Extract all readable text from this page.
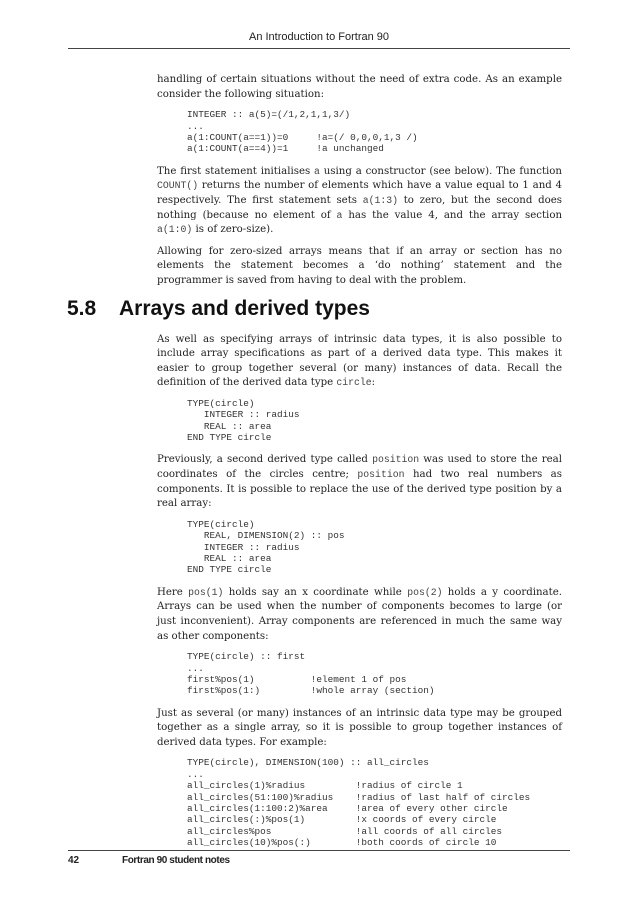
An Introduction to Fortran 90

handling of certain situations without the need of extra code. As an example consider the following situation:

INTEGER :: a(5)=(/1,2,1,1,3/)
...
a(1:COUNT(a==1))=0     !a=(/ 0,0,0,1,3 /)
a(1:COUNT(a==4))=1     !a unchanged

The first statement initialises a using a constructor (see below). The function COUNT() returns the number of elements which have a value equal to 1 and 4 respectively. The first statement sets a(1:3) to zero, but the second does nothing (because no element of a has the value 4, and the array section a(1:0) is of zero-size).

Allowing for zero-sized arrays means that if an array or section has no elements the statement becomes a ‘do nothing’ statement and the programmer is saved from having to deal with the problem.

5.8 Arrays and derived types

As well as specifying arrays of intrinsic data types, it is also possible to include array specifications as part of a derived data type. This makes it easier to group together several (or many) instances of data. Recall the definition of the derived data type circle:

TYPE(circle)
INTEGER :: radius
REAL :: area
END TYPE circle

Previously, a second derived type called position was used to store the real coordinates of the circles centre; position had two real numbers as components. It is possible to replace the use of the derived type position by a real array:

TYPE(circle)
REAL, DIMENSION(2) :: pos
INTEGER :: radius
REAL :: area
END TYPE circle

Here pos(1) holds say an x coordinate while pos(2) holds a y coordinate. Arrays can be used when the number of components becomes to large (or just inconvenient). Array components are referenced in much the same way as other components:

TYPE(circle) :: first
...
first%pos(1)          !element 1 of pos
first%pos(1:)         !whole array (section)

Just as several (or many) instances of an intrinsic data type may be grouped together as a single array, so it is possible to group together instances of derived data types. For example:

TYPE(circle), DIMENSION(100) :: all_circles
...
all_circles(1)%radius         !radius of circle 1
all_circles(51:100)%radius    !radius of last half of circles
all_circles(1:100:2)%area     !area of every other circle
all_circles(:)%pos(1)         !x coords of every circle
all_circles%pos               !all coords of all circles
all_circles(10)%pos(:)        !both coords of circle 10
42	Fortran 90 student notes
